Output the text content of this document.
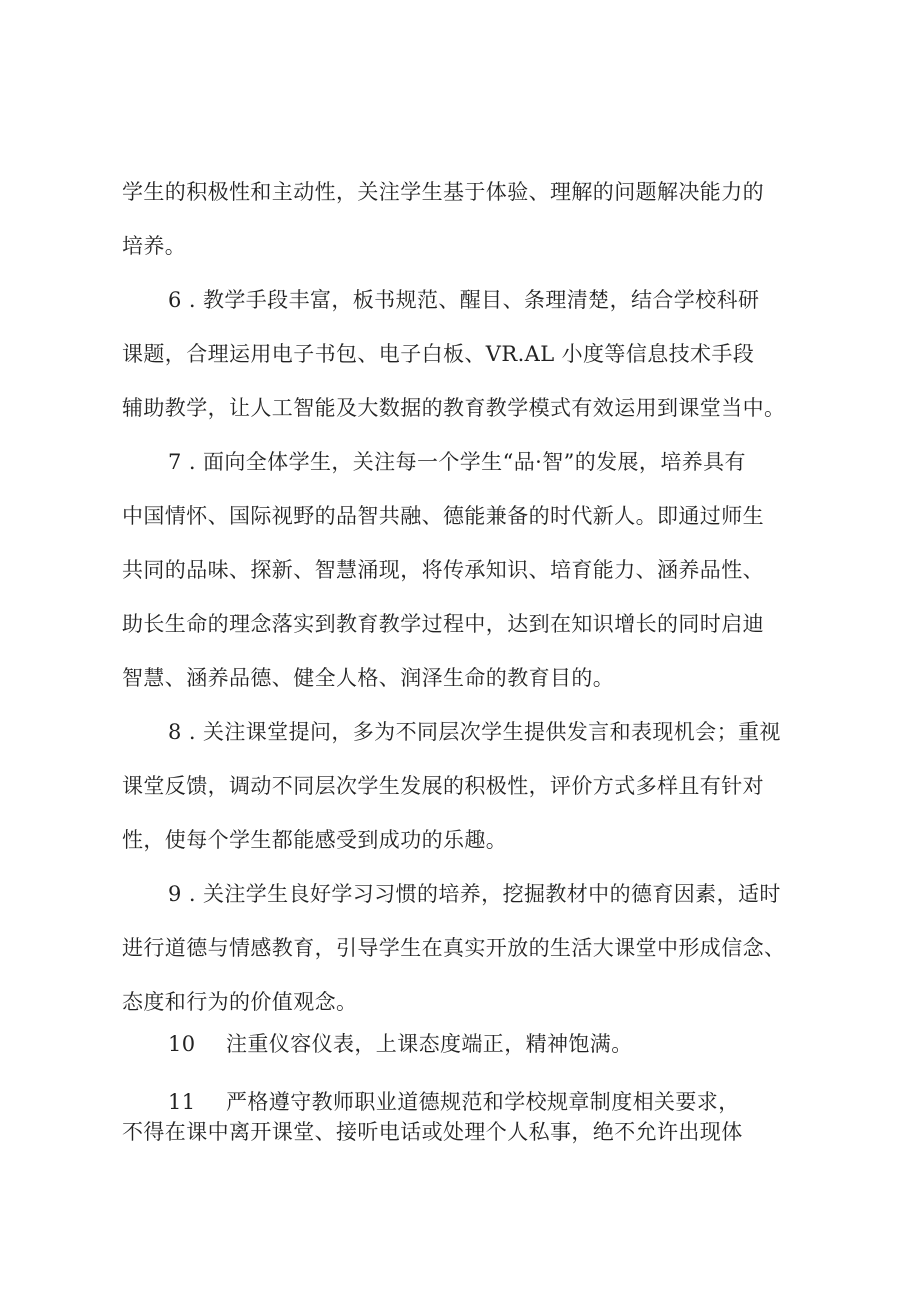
学生的积极性和主动性，关注学生基于体验、理解的问题解决能力的
培养。
6 . 教学手段丰富，板书规范、醒目、条理清楚，结合学校科研
课题，合理运用电子书包、电子白板、VR.AL 小度等信息技术手段
辅助教学，让人工智能及大数据的教育教学模式有效运用到课堂当中。
7 . 面向全体学生，关注每一个学生“品·智”的发展，培养具有
中国情怀、国际视野的品智共融、德能兼备的时代新人。即通过师生
共同的品味、探新、智慧涌现，将传承知识、培育能力、涵养品性、
助长生命的理念落实到教育教学过程中，达到在知识增长的同时启迪
智慧、涵养品德、健全人格、润泽生命的教育目的。
8 . 关注课堂提问，多为不同层次学生提供发言和表现机会；重视
课堂反馈，调动不同层次学生发展的积极性，评价方式多样且有针对
性，使每个学生都能感受到成功的乐趣。
9 . 关注学生良好学习习惯的培养，挖掘教材中的德育因素，适时
进行道德与情感教育，引导学生在真实开放的生活大课堂中形成信念、
态度和行为的价值观念。
10 注重仪容仪表，上课态度端正，精神饱满。
11 严格遵守教师职业道德规范和学校规章制度相关要求，
不得在课中离开课堂、接听电话或处理个人私事，绝不允许出现体
